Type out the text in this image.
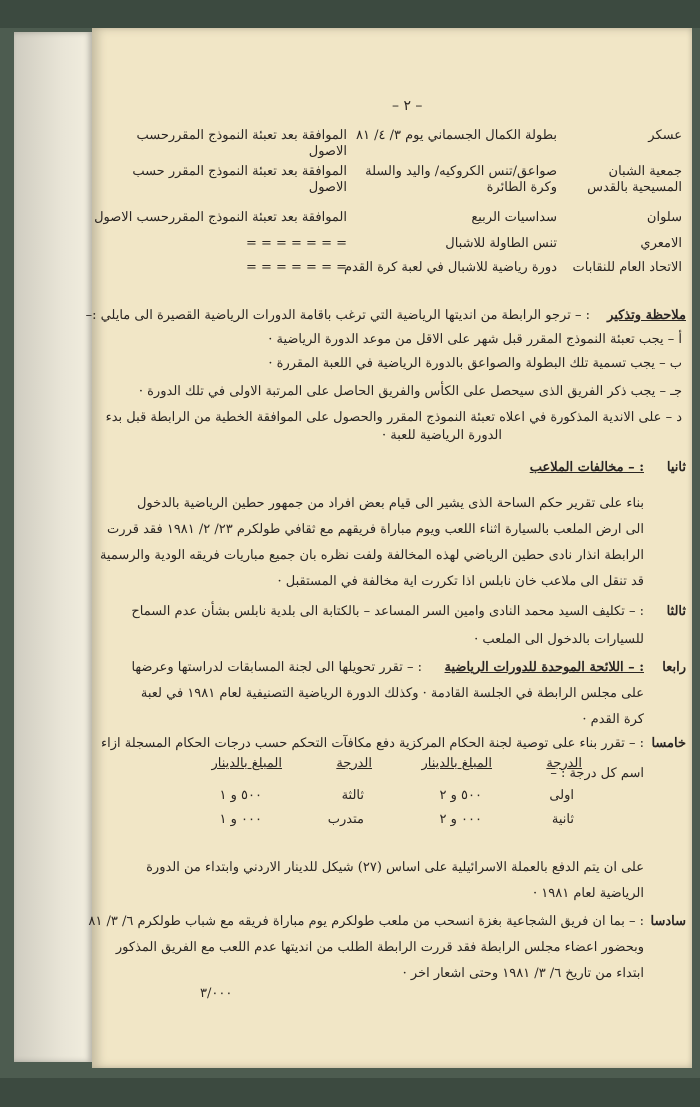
– ٢ –
عسكر
بطولة الكمال الجسماني يوم ٣/ ٤/ ٨١
الموافقة بعد تعبئة النموذج المقررحسب الاصول
جمعية الشبان المسيحية بالقدس
صواعق/تنس الكروكيه/ واليد والسلة وكرة الطائرة
الموافقة بعد تعبئة النموذج المقرر حسب الاصول
سلوان
سداسيات الربيع
الموافقة بعد تعبئة النموذج المقررحسب الاصول
الامعري
تنس الطاولة للاشبال
= = = = = = =
الاتحاد العام للنقابات
دورة رياضية للاشبال في لعبة كرة القدم
= = = = = = =
ملاحظة وتذكير
: – ترجو الرابطة من انديتها الرياضية التي ترغب باقامة الدورات الرياضية القصيرة الى مايلي :–
أ – يجب تعبئة النموذج المقرر قبل شهر على الاقل من موعد الدورة الرياضية ·
ب – يجب تسمية تلك البطولة والصواعق بالدورة الرياضية في اللعبة المقررة ·
جـ – يجب ذكر الفريق الذى سيحصل على الكأس والفريق الحاصل على المرتبة الاولى في تلك الدورة ·
د – على الاندية المذكورة في اعلاه تعبئة النموذج المقرر والحصول على الموافقة الخطية من الرابطة قبل بدء
الدورة الرياضية للعبة ·
ثانيا
: – مخالفات الملاعب
بناء على تقرير حكم الساحة الذى يشير الى قيام بعض افراد من جمهور حطين الرياضية بالدخول
الى ارض الملعب بالسيارة اثناء اللعب ويوم مباراة فريقهم مع ثقافي طولكرم ٢٣/ ٢/ ١٩٨١ فقد قررت
الرابطة انذار نادى حطين الرياضي لهذه المخالفة ولفت نظره بان جميع مباريات فريقه الودية والرسمية
قد تنقل الى ملاعب خان نابلس اذا تكررت اية مخالفة في المستقبل ·
ثالثا
: – تكليف السيد محمد النادى وامين السر المساعد – بالكتابة الى بلدية نابلس بشأن عدم السماح
للسيارات بالدخول الى الملعب ·
رابعا
: – اللائحة الموحدة للدورات الرياضية
: – تقرر تحويلها الى لجنة المسابقات لدراستها وعرضها
على مجلس الرابطة في الجلسة القادمة · وكذلك الدورة الرياضية التصنيفية لعام ١٩٨١ في لعبة
كرة القدم ·
خامسا
: – تقرر بناء على توصية لجنة الحكام المركزية دفع مكافآت التحكم حسب درجات الحكام المسجلة ازاء
اسم كل درجة : –
الدرجة
المبلغ بالدينار
الدرجة
المبلغ بالدينار
اولى
٥٠٠ و ٢
ثالثة
٥٠٠ و ١
ثانية
٠٠٠ و ٢
متدرب
٠٠٠ و ١
على ان يتم الدفع بالعملة الاسرائيلية على اساس (٢٧) شيكل للدينار الاردني وابتداء من الدورة
الرياضية لعام ١٩٨١ ·
سادسا
: – بما ان فريق الشجاعية بغزة انسحب من ملعب طولكرم يوم مباراة فريقه مع شباب طولكرم ٦/ ٣/ ٨١
وبحضور اعضاء مجلس الرابطة فقد قررت الرابطة الطلب من انديتها عدم اللعب مع الفريق المذكور
ابتداء من تاريخ ٦/ ٣/ ١٩٨١ وحتى اشعار اخر ·
٣/٠٠٠
